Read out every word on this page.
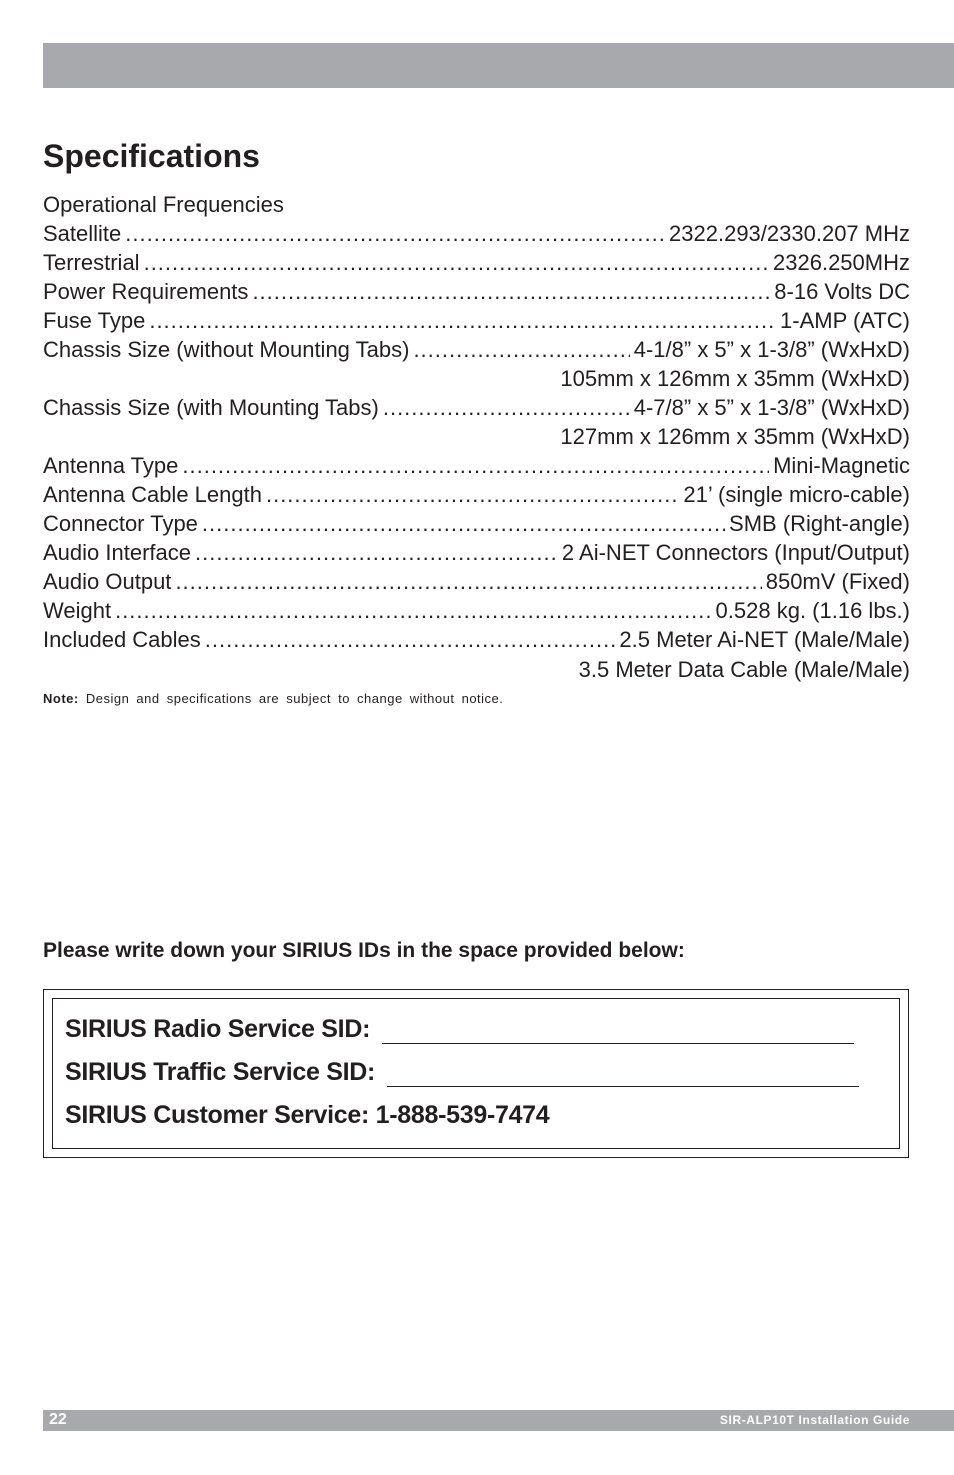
Specifications
Operational Frequencies
Satellite .....	2322.293/2330.207 MHz
Terrestrial .....	2326.250MHz
Power Requirements .....	8-16 Volts DC
Fuse Type .....	1-AMP (ATC)
Chassis Size (without Mounting Tabs) .....	4-1/8” x 5” x 1-3/8” (WxHxD)
105mm x 126mm x 35mm (WxHxD)
Chassis Size (with Mounting Tabs) .....	4-7/8” x 5” x 1-3/8” (WxHxD)
127mm x 126mm x 35mm (WxHxD)
Antenna Type .....	Mini-Magnetic
Antenna Cable Length .....	21’ (single micro-cable)
Connector Type .....	SMB (Right-angle)
Audio Interface .....	2 Ai-NET Connectors (Input/Output)
Audio Output .....	850mV (Fixed)
Weight .....	0.528 kg. (1.16 lbs.)
Included Cables .....	2.5 Meter Ai-NET (Male/Male)
3.5 Meter Data Cable (Male/Male)
Note: Design and specifications are subject to change without notice.
Please write down your SIRIUS IDs in the space provided below:
SIRIUS Radio Service SID:
SIRIUS Traffic Service SID:
SIRIUS Customer Service: 1-888-539-7474
22	SIR-ALP10T Installation Guide
